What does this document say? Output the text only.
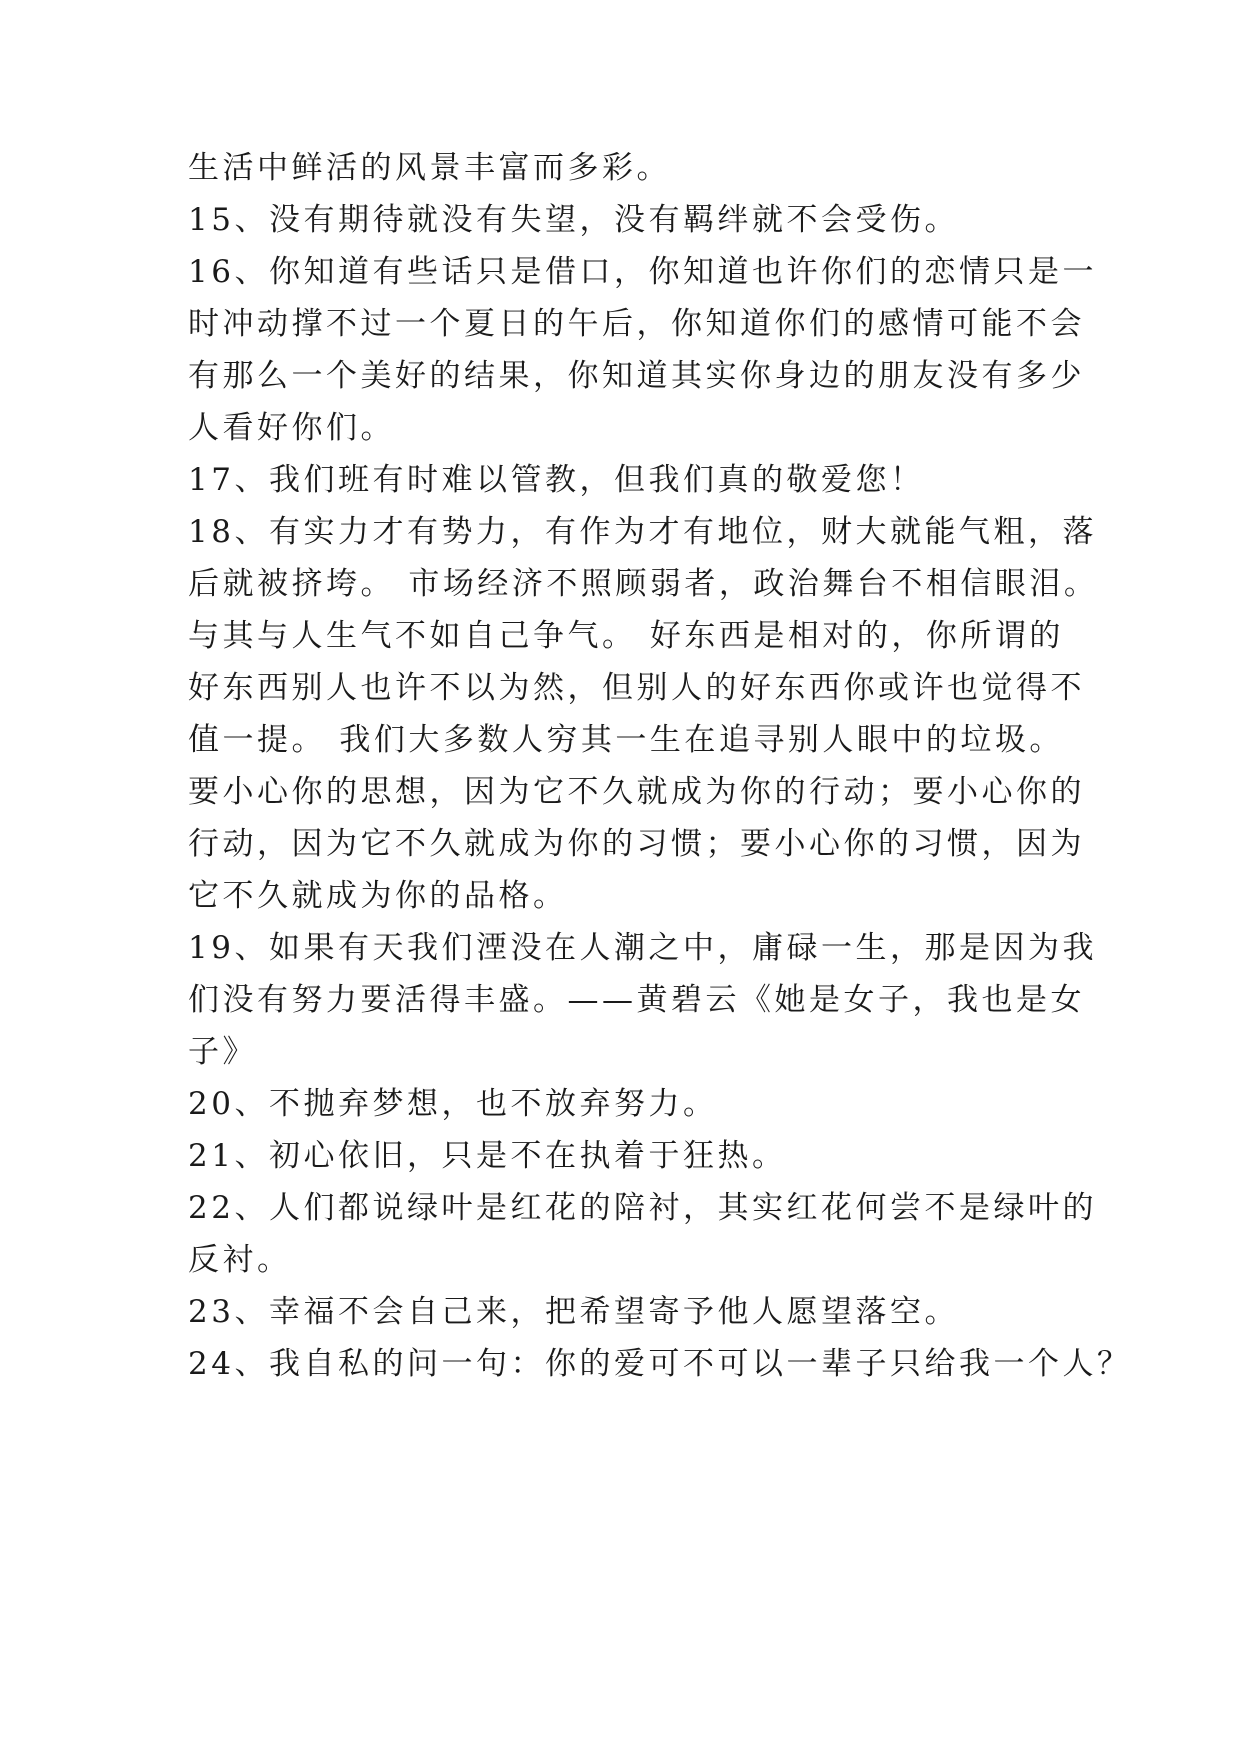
生活中鲜活的风景丰富而多彩。
15、没有期待就没有失望，没有羁绊就不会受伤。
16、你知道有些话只是借口，你知道也许你们的恋情只是一
时冲动撑不过一个夏日的午后，你知道你们的感情可能不会
有那么一个美好的结果，你知道其实你身边的朋友没有多少
人看好你们。
17、我们班有时难以管教，但我们真的敬爱您！
18、有实力才有势力，有作为才有地位，财大就能气粗，落
后就被挤垮。 市场经济不照顾弱者，政治舞台不相信眼泪。
与其与人生气不如自己争气。 好东西是相对的，你所谓的
好东西别人也许不以为然，但别人的好东西你或许也觉得不
值一提。 我们大多数人穷其一生在追寻别人眼中的垃圾。
要小心你的思想，因为它不久就成为你的行动；要小心你的
行动，因为它不久就成为你的习惯；要小心你的习惯，因为
它不久就成为你的品格。
19、如果有天我们湮没在人潮之中，庸碌一生，那是因为我
们没有努力要活得丰盛。——黄碧云《她是女子，我也是女
子》
20、不抛弃梦想，也不放弃努力。
21、初心依旧，只是不在执着于狂热。
22、人们都说绿叶是红花的陪衬，其实红花何尝不是绿叶的
反衬。
23、幸福不会自己来，把希望寄予他人愿望落空。
24、我自私的问一句：你的爱可不可以一辈子只给我一个人？
